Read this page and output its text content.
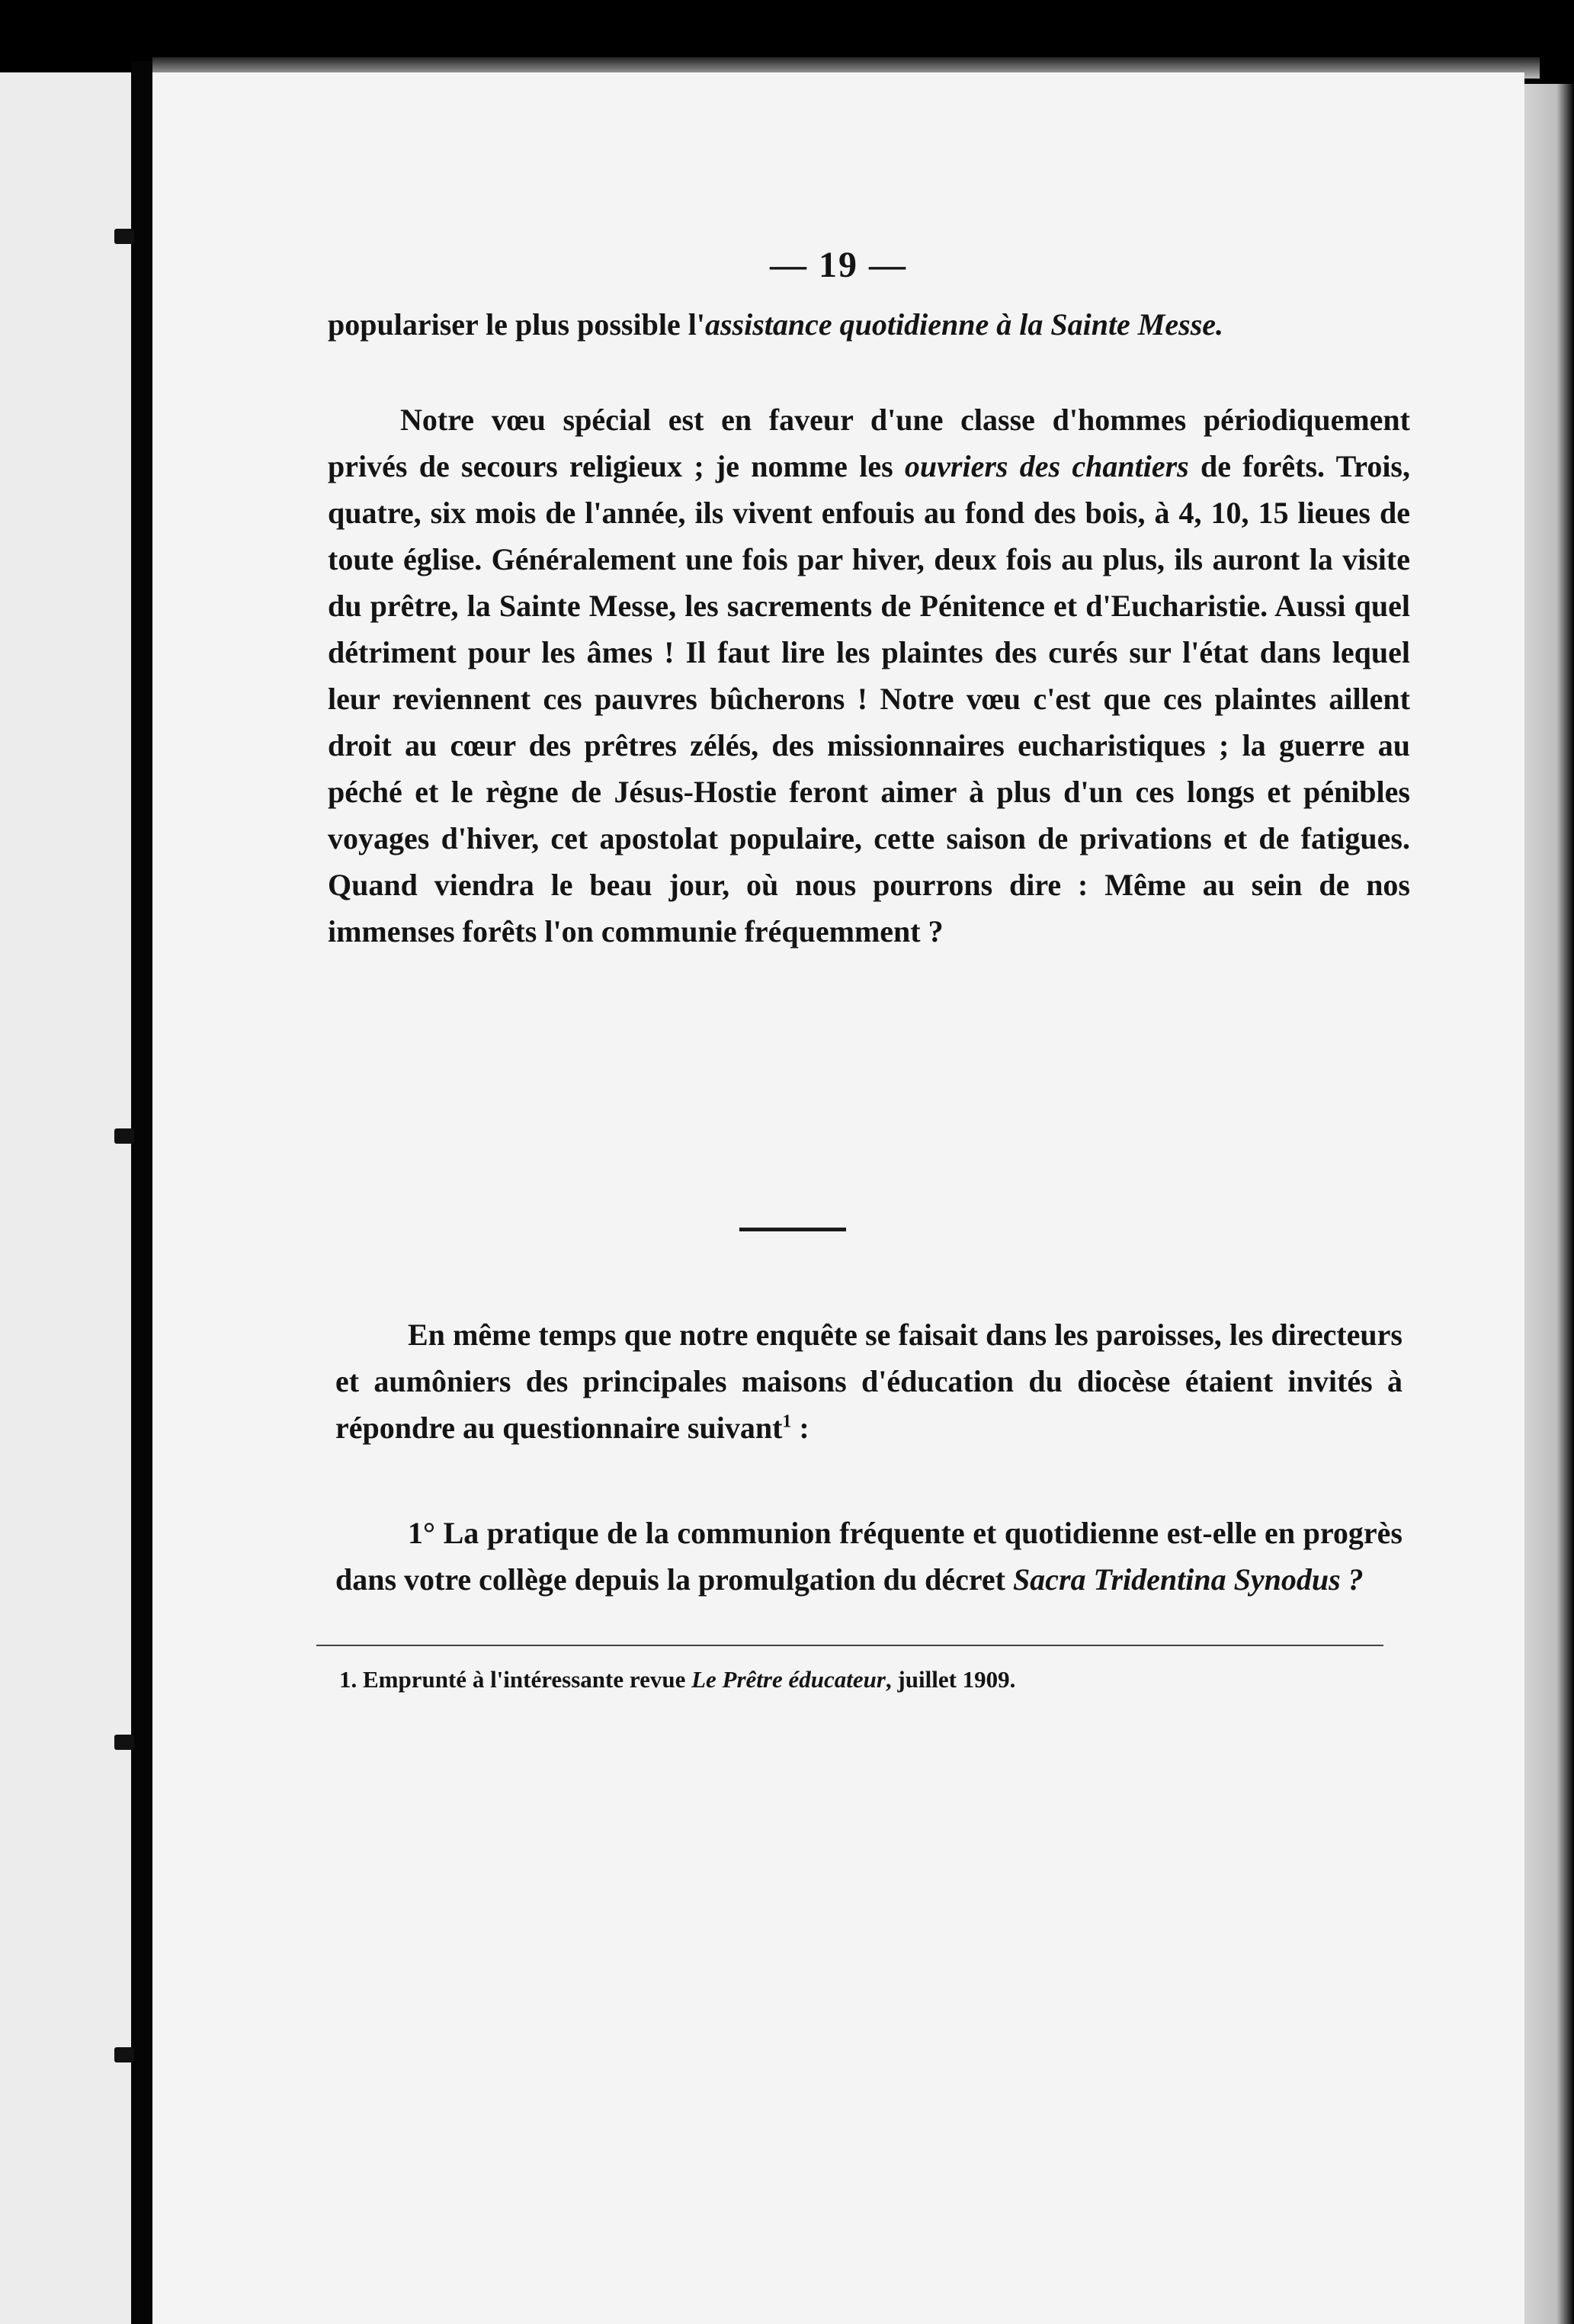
— 19 —

populariser le plus possible l'assistance quotidienne à la Sainte Messe.

Notre vœu spécial est en faveur d'une classe d'hommes périodiquement privés de secours religieux ; je nomme les ouvriers des chantiers de forêts. Trois, quatre, six mois de l'année, ils vivent enfouis au fond des bois, à 4, 10, 15 lieues de toute église. Généralement une fois par hiver, deux fois au plus, ils auront la visite du prêtre, la Sainte Messe, les sacrements de Pénitence et d'Eucharistie. Aussi quel détriment pour les âmes ! Il faut lire les plaintes des curés sur l'état dans lequel leur reviennent ces pauvres bûcherons ! Notre vœu c'est que ces plaintes aillent droit au cœur des prêtres zélés, des missionnaires eucharistiques ; la guerre au péché et le règne de Jésus-Hostie feront aimer à plus d'un ces longs et pénibles voyages d'hiver, cet apostolat populaire, cette saison de privations et de fatigues. Quand viendra le beau jour, où nous pourrons dire : Même au sein de nos immenses forêts l'on communie fréquemment ?

En même temps que notre enquête se faisait dans les paroisses, les directeurs et aumôniers des principales maisons d'éducation du diocèse étaient invités à répondre au questionnaire suivant$^1$ :

1° La pratique de la communion fréquente et quotidienne est-elle en progrès dans votre collège depuis la promulgation du décret Sacra Tridentina Synodus ?

1. Emprunté à l'intéressante revue Le Prêtre éducateur, juillet 1909.
